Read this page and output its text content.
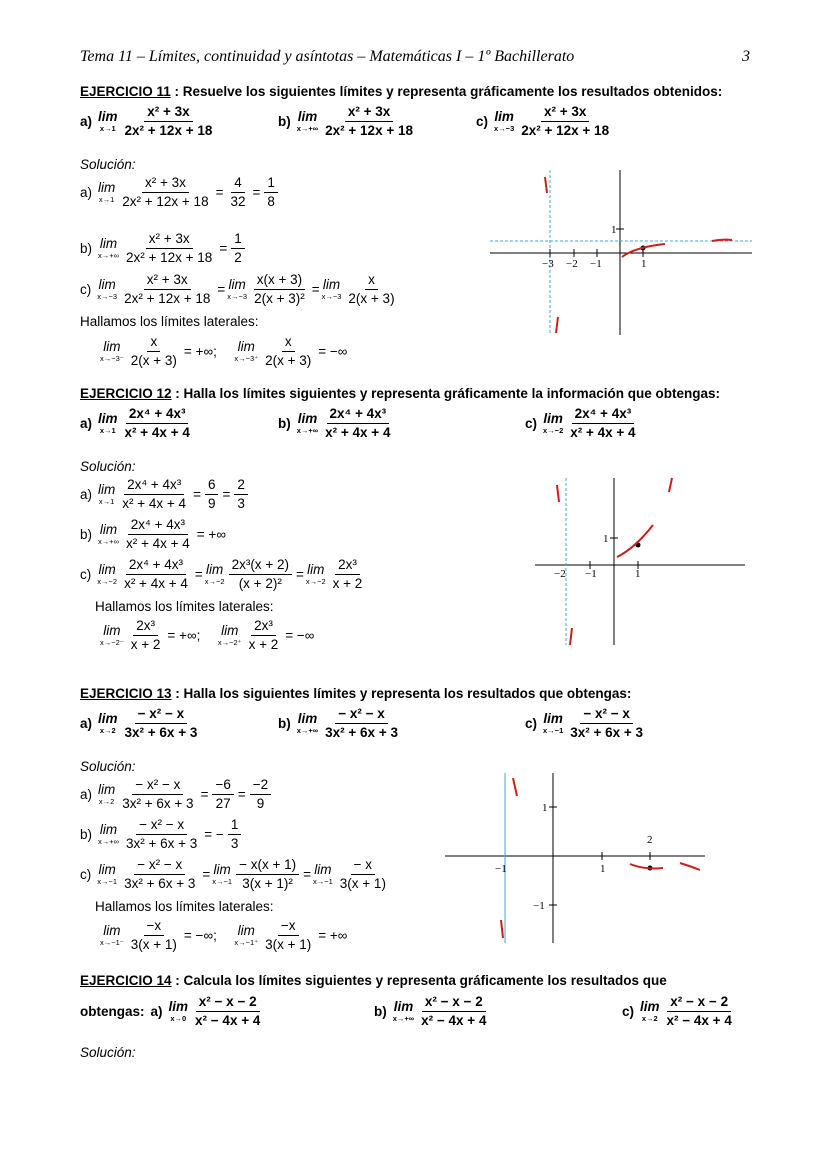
Tema 11 – Límites, continuidad y asíntotas – Matemáticas I – 1º Bachillerato	3
EJERCICIO 11 : Resuelve los siguientes límites y representa gráficamente los resultados obtenidos:
a) lim
$x\to 1 \frac{\text{x² + 3x}}{\text{2x² + 12x + 18}}$	b) lim
$x\to+\infty \frac{\text{x² + 3x}}{\text{2x² + 12x + 18}}$	c) lim
$x\to-3 \frac{\text{x² + 3x}}{\text{2x² + 12x + 18}}$
Solución:
a) lim
$x\to 1 \frac{\text{x² + 3x}}{\text{2x² + 12x + 18}} = \frac{4}{32} = \frac{1}{8}$
b) lim
$x\to+\infty \frac{\text{x² + 3x}}{\text{2x² + 12x + 18}} = \frac{1}{2}$
c) lim
$x\to-3 \frac{\text{x² + 3x}}{\text{2x² + 12x + 18}} = \lim$
$x\to-3 \frac{x(x + 3)}{\text{2(x + 3)²}} = \lim$
$x\to-3 \frac{x}{2(x + 3)}$
Hallamos los límites laterales:
lim
$x\to-3^- \frac{x}{2(x + 3)}$ = +∞; lim
$x\to-3^+ \frac{x}{2(x + 3)}$ = −∞
−3 −2 −1	1
1
EJERCICIO 12 : Halla los límites siguientes y representa gráficamente la información que obtengas:
a) lim
$x\to 1 \frac{\text{2x⁴ + 4x³}}{\text{x² + 4x + 4}}$	b) lim
$x\to+\infty \frac{\text{2x⁴ + 4x³}}{\text{x² + 4x + 4}}$	c) lim
$x\to-2 \frac{\text{2x⁴ + 4x³}}{\text{x² + 4x + 4}}$
Solución:
a) lim
$x\to 1 \frac{\text{2x⁴ + 4x³}}{\text{x² + 4x + 4}} = \frac{6}{9} = \frac{2}{3}$
b) lim
$x\to+\infty \frac{\text{2x⁴ + 4x³}}{\text{x² + 4x + 4}}$ = +∞
c) lim
$x\to-2 \frac{\text{2x⁴ + 4x³}}{\text{x² + 4x + 4}} = \lim$
$x\to-2 \frac{\text{2x³(x + 2)}}{\text{(x + 2)²}} = \lim$
$x\to-2 \frac{\text{2x³}}{x + 2}$
Hallamos los límites laterales:
lim
$x\to-2^- \frac{\text{2x³}}{x + 2}$ = +∞; lim
$x\to-2^+ \frac{\text{2x³}}{x + 2}$ = −∞
−2 −1	1
1
EJERCICIO 13 : Halla los siguientes límites y representa los resultados que obtengas:
a) lim
$x\to 2 \frac{\text{− x² − x}}{\text{3x² + 6x + 3}}$	b) lim
$x\to+\infty \frac{\text{− x² − x}}{\text{3x² + 6x + 3}}$	c) lim
$x\to-1 \frac{\text{− x² − x}}{\text{3x² + 6x + 3}}$
Solución:
a) lim
$x\to 2 \frac{\text{− x² − x}}{\text{3x² + 6x + 3}} = \frac{-6}{27} = \frac{-2}{9}$
b) lim
$x\to+\infty \frac{\text{− x² − x}}{\text{3x² + 6x + 3}}$ = − $\frac{1}{3}$
c) lim
$x\to-1 \frac{\text{− x² − x}}{\text{3x² + 6x + 3}} = \lim$
$x\to-1 \frac{- x(x + 1)}{\text{3(x + 1)²}} = \lim$
$x\to-1 \frac{- x}{3(x + 1)}$
Hallamos los límites laterales:
lim
$x\to-1^- \frac{-x}{3(x + 1)}$ = −∞; lim
$x\to-1^+ \frac{-x}{3(x + 1)}$ = +∞
−1	1
1
−1
2
EJERCICIO 14 : Calcula los límites siguientes y representa gráficamente los resultados que
obtengas: a) lim
$x\to 0 \frac{\text{x² − x − 2}}{\text{x² − 4x + 4}}$	b) lim
$x\to+\infty \frac{\text{x² − x − 2}}{\text{x² − 4x + 4}}$	c) lim
$x\to 2 \frac{\text{x² − x − 2}}{\text{x² − 4x + 4}}$
Solución:
